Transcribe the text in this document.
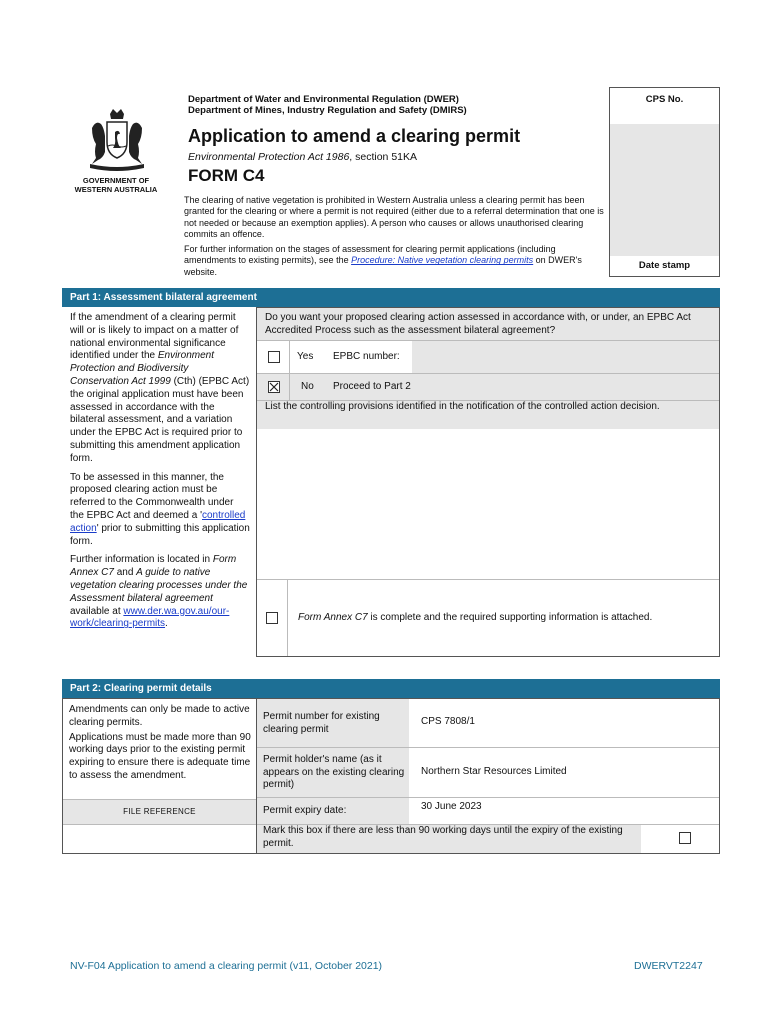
GOVERNMENT OF
WESTERN AUSTRALIA
Department of Water and Environmental Regulation (DWER)
Department of Mines, Industry Regulation and Safety (DMIRS)
Application to amend a clearing permit
Environmental Protection Act 1986, section 51KA
FORM C4

The clearing of native vegetation is prohibited in Western Australia unless a clearing permit has been granted for the clearing or where a permit is not required (either due to a referral determination that one is not needed or because an exemption applies). A person who causes or allows unauthorised clearing commits an offence.

For further information on the stages of assessment for clearing permit applications (including amendments to existing permits), see the Procedure: Native vegetation clearing permits on DWER's website.

CPS No.
Date stamp
Part 1: Assessment bilateral agreement

If the amendment of a clearing permit will or is likely to impact on a matter of national environmental significance identified under the Environment Protection and Biodiversity Conservation Act 1999 (Cth) (EPBC Act) the original application must have been assessed in accordance with the bilateral assessment, and a variation under the EPBC Act is required prior to submitting this amendment application form.

To be assessed in this manner, the proposed clearing action must be referred to the Commonwealth under the EPBC Act and deemed a 'controlled action' prior to submitting this application form.

Further information is located in Form Annex C7 and A guide to native vegetation clearing processes under the Assessment bilateral agreement available at www.der.wa.gov.au/our-work/clearing-permits.

Do you want your proposed clearing action assessed in accordance with, or under, an EPBC Act Accredited Process such as the assessment bilateral agreement?
Yes EPBC number:
No Proceed to Part 2
List the controlling provisions identified in the notification of the controlled action decision.
Form Annex C7 is complete and the required supporting information is attached.
Part 2: Clearing permit details

Amendments can only be made to active clearing permits.

Applications must be made more than 90 working days prior to the existing permit expiring to ensure there is adequate time to assess the amendment.

FILE REFERENCE
Permit number for existing clearing permit
CPS 7808/1
Permit holder's name (as it appears on the existing clearing permit)
Northern Star Resources Limited
Permit expiry date:	30 June 2023
Mark this box if there are less than 90 working days until the expiry of the existing permit.
NV-F04 Application to amend a clearing permit (v11, October 2021)	DWERVT2247
